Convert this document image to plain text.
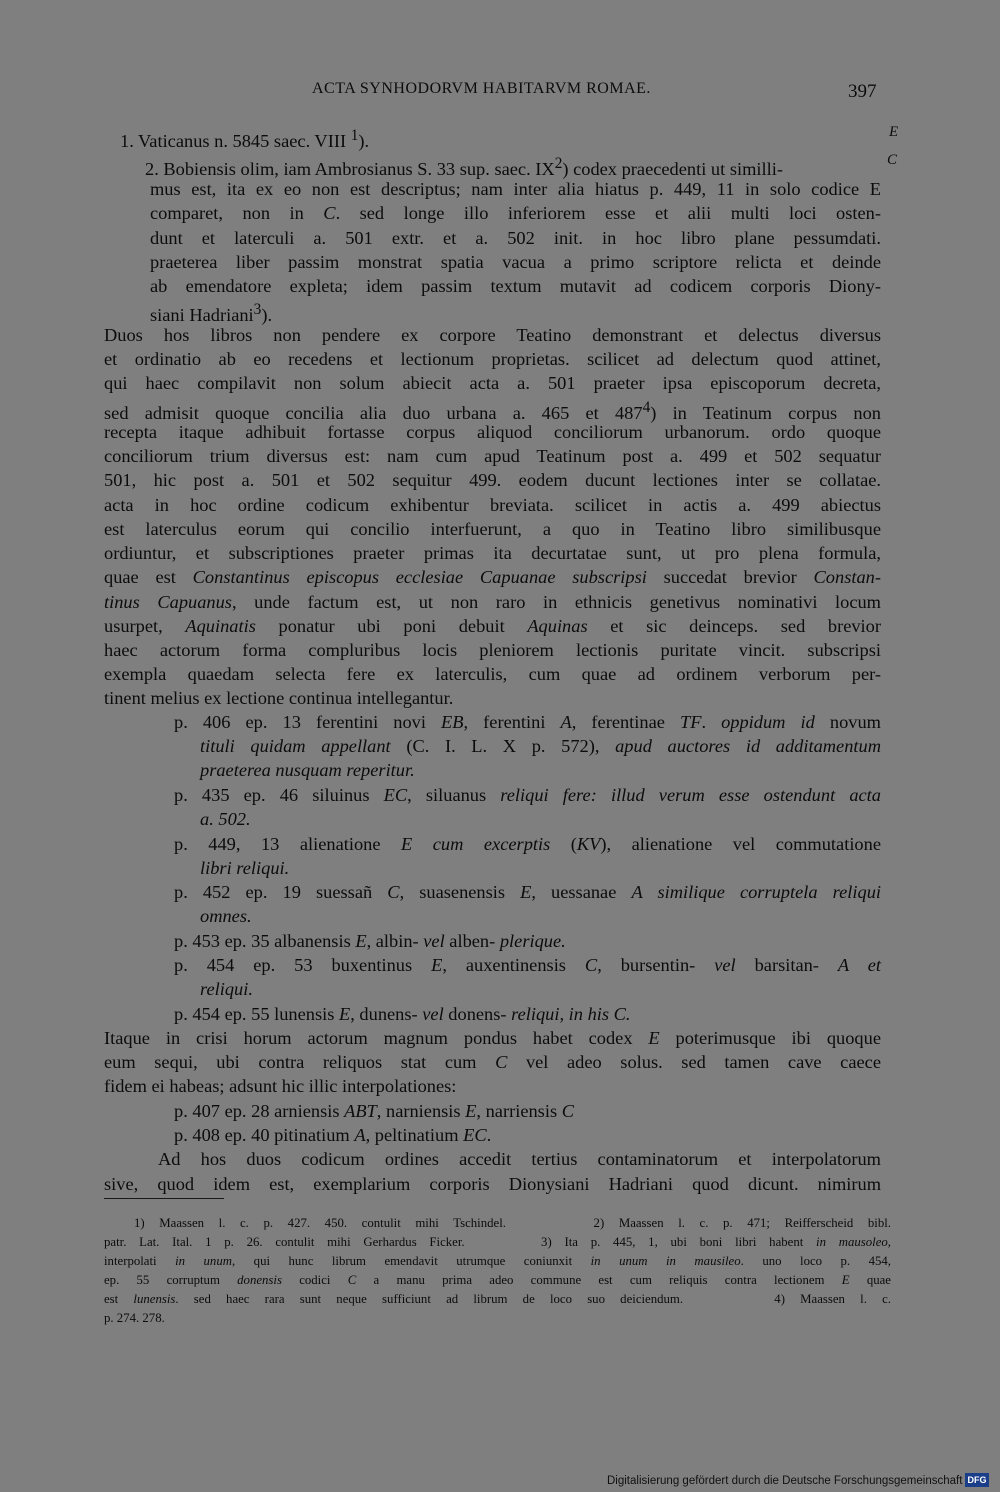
ACTA SYNHODORVM HABITARVM ROMAE.	397
E
C
1. Vaticanus n. 5845 saec. VIII $^1$).
2. Bobiensis olim, iam Ambrosianus S. 33 sup. saec. $IX^2$) codex praecedenti ut similli-
mus est, ita ex eo non est descriptus; nam inter alia hiatus p. 449, 11 in solo codice E
comparet, non in C. sed longe illo inferiorem esse et alii multi loci osten-
dunt et laterculi a. 501 extr. et a. 502 init. in hoc libro plane pessumdati.
praeterea liber passim monstrat spatia vacua a primo scriptore relicta et deinde
ab emendatore expleta; idem passim textum mutavit ad codicem corporis Diony-
siani Hadriani$^3$).
Duos hos libros non pendere ex corpore Teatino demonstrant et delectus diversus
et ordinatio ab eo recedens et lectionum proprietas. scilicet ad delectum quod attinet,
qui haec compilavit non solum abiecit acta a. 501 praeter ipsa episcoporum decreta,
sed admisit quoque concilia alia duo urbana a. 465 et $487^4$) in Teatinum corpus non
recepta itaque adhibuit fortasse corpus aliquod conciliorum urbanorum. ordo quoque
conciliorum trium diversus est: nam cum apud Teatinum post a. 499 et 502 sequatur
501, hic post a. 501 et 502 sequitur 499. eodem ducunt lectiones inter se collatae.
acta in hoc ordine codicum exhibentur breviata. scilicet in actis a. 499 abiectus
est laterculus eorum qui concilio interfuerunt, a quo in Teatino libro similibusque
ordiuntur, et subscriptiones praeter primas ita decurtatae sunt, ut pro plena formula,
quae est Constantinus episcopus ecclesiae Capuanae subscripsi succedat brevior Constan-
tinus Capuanus, unde factum est, ut non raro in ethnicis genetivus nominativi locum
usurpet, Aquinatis ponatur ubi poni debuit Aquinas et sic deinceps. sed brevior
haec actorum forma compluribus locis pleniorem lectionis puritate vincit. subscripsi
exempla quaedam selecta fere ex laterculis, cum quae ad ordinem verborum per-
tinent melius ex lectione continua intellegantur.
p. 406 ep. 13 ferentini novi EB, ferentini A, ferentinae TF. oppidum id novum
tituli quidam appellant (C. I. L. X p. 572), apud auctores id additamentum
praeterea nusquam reperitur.
p. 435 ep. 46 siluinus EC, siluanus reliqui fere: illud verum esse ostendunt acta
a. 502.
p. 449, 13 alienatione E cum excerptis (KV), alienatione vel commutatione
libri reliqui.
p. 452 ep. 19 suessañ C, suasenensis E, uessanae A similique corruptela reliqui
omnes.
p. 453 ep. 35 albanensis E, albin- vel alben- plerique.
p. 454 ep. 53 buxentinus E, auxentinensis C, bursentin- vel barsitan- A et
reliqui.
p. 454 ep. 55 lunensis E, dunens- vel donens- reliqui, in his C.
Itaque in crisi horum actorum magnum pondus habet codex E poterimusque ibi quoque
eum sequi, ubi contra reliquos stat cum C vel adeo solus. sed tamen cave caece
fidem ei habeas; adsunt hic illic interpolationes:
p. 407 ep. 28 arniensis ABT, narniensis E, narriensis C
p. 408 ep. 40 pitinatium A, peltinatium EC.
Ad hos duos codicum ordines accedit tertius contaminatorum et interpolatorum
sive, quod idem est, exemplarium corporis Dionysiani Hadriani quod dicunt. nimirum
1) Maassen l. c. p. 427. 450. contulit mihi Tschindel.      2) Maassen l. c. p. 471; Reifferscheid bibl.
patr. Lat. Ital. 1 p. 26. contulit mihi Gerhardus Ficker.      3) Ita p. 445, 1, ubi boni libri habent in mausoleo,
interpolati in unum, qui hunc librum emendavit utrumque coniunxit in unum in mausileo. uno loco p. 454,
ep. 55 corruptum donensis codici C a manu prima adeo commune est cum reliquis contra lectionem E quae
est lunensis. sed haec rara sunt neque sufficiunt ad librum de loco suo deiciendum.      4) Maassen l. c.
p. 274. 278.
Digitalisierung gefördert durch die Deutsche Forschungsgemeinschaft DFG
